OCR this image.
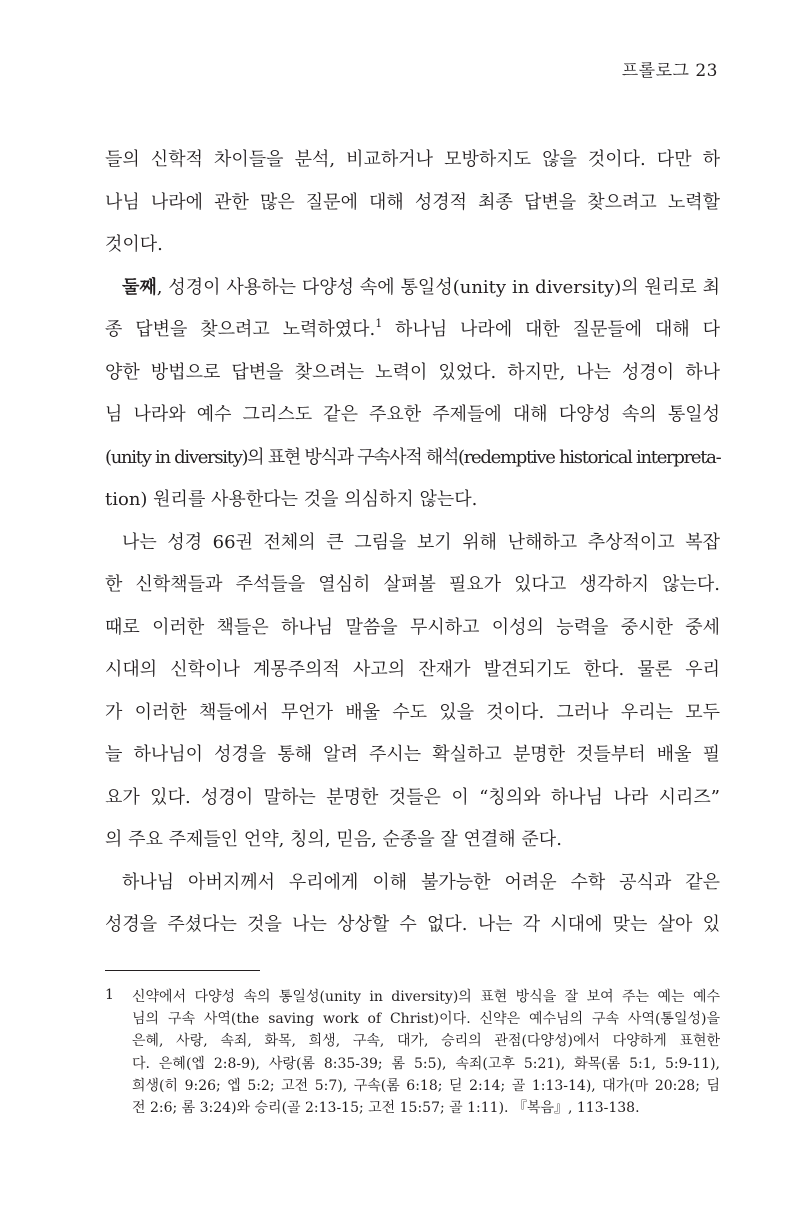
프롤로그 23
들의 신학적 차이들을 분석, 비교하거나 모방하지도 않을 것이다. 다만 하
나님 나라에 관한 많은 질문에 대해 성경적 최종 답변을 찾으려고 노력할
것이다.
둘째, 성경이 사용하는 다양성 속에 통일성(unity in diversity)의 원리로 최
종 답변을 찾으려고 노력하였다.$^1$ 하나님 나라에 대한 질문들에 대해 다
양한 방법으로 답변을 찾으려는 노력이 있었다. 하지만, 나는 성경이 하나
님 나라와 예수 그리스도 같은 주요한 주제들에 대해 다양성 속의 통일성
(unity in diversity)의 표현 방식과 구속사적 해석(redemptive historical interpreta-
tion) 원리를 사용한다는 것을 의심하지 않는다.
나는 성경 66권 전체의 큰 그림을 보기 위해 난해하고 추상적이고 복잡
한 신학책들과 주석들을 열심히 살펴볼 필요가 있다고 생각하지 않는다.
때로 이러한 책들은 하나님 말씀을 무시하고 이성의 능력을 중시한 중세
시대의 신학이나 계몽주의적 사고의 잔재가 발견되기도 한다. 물론 우리
가 이러한 책들에서 무언가 배울 수도 있을 것이다. 그러나 우리는 모두
늘 하나님이 성경을 통해 알려 주시는 확실하고 분명한 것들부터 배울 필
요가 있다. 성경이 말하는 분명한 것들은 이 “칭의와 하나님 나라 시리즈”
의 주요 주제들인 언약, 칭의, 믿음, 순종을 잘 연결해 준다.
하나님 아버지께서 우리에게 이해 불가능한 어려운 수학 공식과 같은
성경을 주셨다는 것을 나는 상상할 수 없다. 나는 각 시대에 맞는 살아 있
1 신약에서 다양성 속의 통일성(unity in diversity)의 표현 방식을 잘 보여 주는 예는 예수
님의 구속 사역(the saving work of Christ)이다. 신약은 예수님의 구속 사역(통일성)을
은혜, 사랑, 속죄, 화목, 희생, 구속, 대가, 승리의 관점(다양성)에서 다양하게 표현한
다. 은혜(엡 2:8-9), 사랑(롬 8:35-39; 롬 5:5), 속죄(고후 5:21), 화목(롬 5:1, 5:9-11),
희생(히 9:26; 엡 5:2; 고전 5:7), 구속(롬 6:18; 딛 2:14; 골 1:13-14), 대가(마 20:28; 딤
전 2:6; 롬 3:24)와 승리(골 2:13-15; 고전 15:57; 골 1:11). 『복음』, 113-138.
